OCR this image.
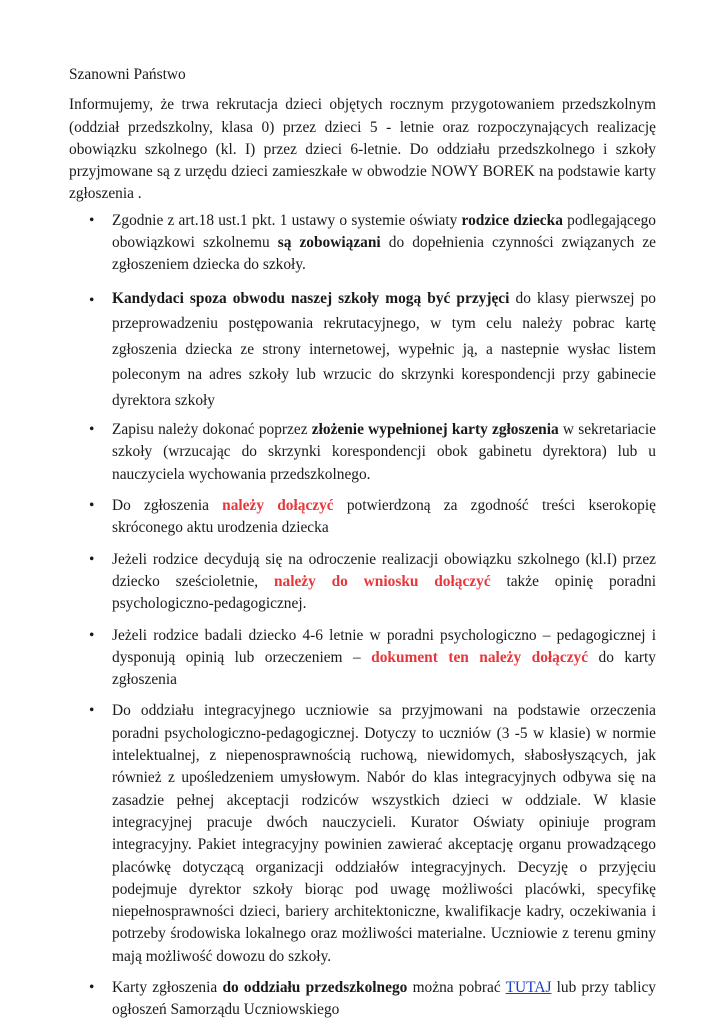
Szanowni Państwo

Informujemy, że trwa rekrutacja dzieci objętych rocznym przygotowaniem przedszkolnym (oddział przedszkolny, klasa 0) przez dzieci 5 - letnie oraz rozpoczynających realizację obowiązku szkolnego (kl. I) przez dzieci 6-letnie. Do oddziału przedszkolnego i szkoły przyjmowane są z urzędu dzieci zamieszkałe w obwodzie NOWY BOREK na podstawie karty zgłoszenia .

• Zgodnie z art.18 ust.1 pkt. 1 ustawy o systemie oświaty rodzice dziecka podlegającego obowiązkowi szkolnemu są zobowiązani do dopełnienia czynności związanych ze zgłoszeniem dziecka do szkoły.
• Kandydaci spoza obwodu naszej szkoły mogą być przyjęci do klasy pierwszej po przeprowadzeniu postępowania rekrutacyjnego, w tym celu należy pobrac kartę zgłoszenia dziecka ze strony internetowej, wypełnic ją, a nastepnie wysłac listem poleconym na adres szkoły lub wrzucic do skrzynki korespondencji przy gabinecie dyrektora szkoły
• Zapisu należy dokonać poprzez złożenie wypełnionej karty zgłoszenia w sekretariacie szkoły (wrzucając do skrzynki korespondencji obok gabinetu dyrektora) lub u nauczyciela wychowania przedszkolnego.
• Do zgłoszenia należy dołączyć potwierdzoną za zgodność treści kserokopię skróconego aktu urodzenia dziecka
• Jeżeli rodzice decydują się na odroczenie realizacji obowiązku szkolnego (kl.I) przez dziecko sześcioletnie, należy do wniosku dołączyć także opinię poradni psychologiczno-pedagogicznej.
• Jeżeli rodzice badali dziecko 4-6 letnie w poradni psychologiczno – pedagogicznej i dysponują opinią lub orzeczeniem – dokument ten należy dołączyć do karty zgłoszenia
• Do oddziału integracyjnego uczniowie sa przyjmowani na podstawie orzeczenia poradni psychologiczno-pedagogicznej. Dotyczy to uczniów (3 -5 w klasie) w normie intelektualnej, z niepenosprawnością ruchową, niewidomych, słabosłyszących, jak również z upośledzeniem umysłowym. Nabór do klas integracyjnych odbywa się na zasadzie pełnej akceptacji rodziców wszystkich dzieci w oddziale. W klasie integracyjnej pracuje dwóch nauczycieli. Kurator Oświaty opiniuje program integracyjny. Pakiet integracyjny powinien zawierać akceptację organu prowadzącego placówkę dotyczącą organizacji oddziałów integracyjnych. Decyzję o przyjęciu podejmuje dyrektor szkoły biorąc pod uwagę możliwości placówki, specyfikę niepełnosprawności dzieci, bariery architektoniczne, kwalifikacje kadry, oczekiwania i potrzeby środowiska lokalnego oraz możliwości materialne. Uczniowie z terenu gminy mają możliwość dowozu do szkoły.
• Karty zgłoszenia do oddziału przedszkolnego można pobrać TUTAJ lub przy tablicy ogłoszeń Samorządu Uczniowskiego
